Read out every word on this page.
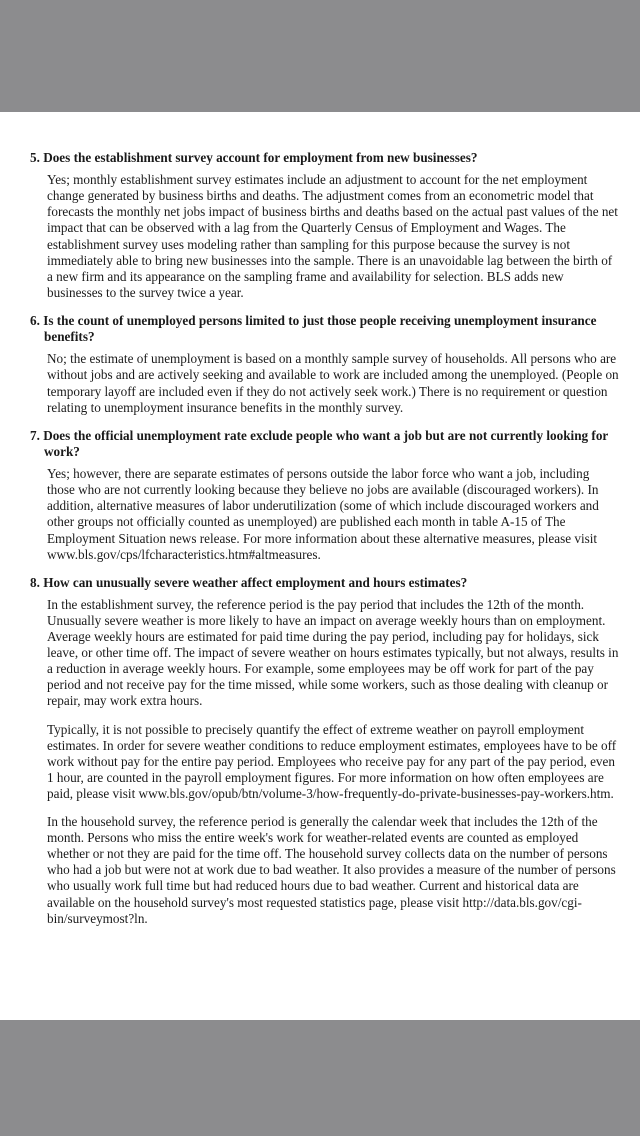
5. Does the establishment survey account for employment from new businesses?

Yes; monthly establishment survey estimates include an adjustment to account for the net employment change generated by business births and deaths. The adjustment comes from an econometric model that forecasts the monthly net jobs impact of business births and deaths based on the actual past values of the net impact that can be observed with a lag from the Quarterly Census of Employment and Wages. The establishment survey uses modeling rather than sampling for this purpose because the survey is not immediately able to bring new businesses into the sample. There is an unavoidable lag between the birth of a new firm and its appearance on the sampling frame and availability for selection. BLS adds new businesses to the survey twice a year.

6. Is the count of unemployed persons limited to just those people receiving unemployment insurance benefits?

No; the estimate of unemployment is based on a monthly sample survey of households. All persons who are without jobs and are actively seeking and available to work are included among the unemployed. (People on temporary layoff are included even if they do not actively seek work.) There is no requirement or question relating to unemployment insurance benefits in the monthly survey.

7. Does the official unemployment rate exclude people who want a job but are not currently looking for work?

Yes; however, there are separate estimates of persons outside the labor force who want a job, including those who are not currently looking because they believe no jobs are available (discouraged workers). In addition, alternative measures of labor underutilization (some of which include discouraged workers and other groups not officially counted as unemployed) are published each month in table A-15 of The Employment Situation news release. For more information about these alternative measures, please visit www.bls.gov/cps/lfcharacteristics.htm#altmeasures.

8. How can unusually severe weather affect employment and hours estimates?

In the establishment survey, the reference period is the pay period that includes the 12th of the month. Unusually severe weather is more likely to have an impact on average weekly hours than on employment. Average weekly hours are estimated for paid time during the pay period, including pay for holidays, sick leave, or other time off. The impact of severe weather on hours estimates typically, but not always, results in a reduction in average weekly hours. For example, some employees may be off work for part of the pay period and not receive pay for the time missed, while some workers, such as those dealing with cleanup or repair, may work extra hours.

Typically, it is not possible to precisely quantify the effect of extreme weather on payroll employment estimates. In order for severe weather conditions to reduce employment estimates, employees have to be off work without pay for the entire pay period. Employees who receive pay for any part of the pay period, even 1 hour, are counted in the payroll employment figures. For more information on how often employees are paid, please visit www.bls.gov/opub/btn/volume-3/how-frequently-do-private-businesses-pay-workers.htm.

In the household survey, the reference period is generally the calendar week that includes the 12th of the month. Persons who miss the entire week's work for weather-related events are counted as employed whether or not they are paid for the time off. The household survey collects data on the number of persons who had a job but were not at work due to bad weather. It also provides a measure of the number of persons who usually work full time but had reduced hours due to bad weather. Current and historical data are available on the household survey's most requested statistics page, please visit http://data.bls.gov/cgi-bin/surveymost?ln.
